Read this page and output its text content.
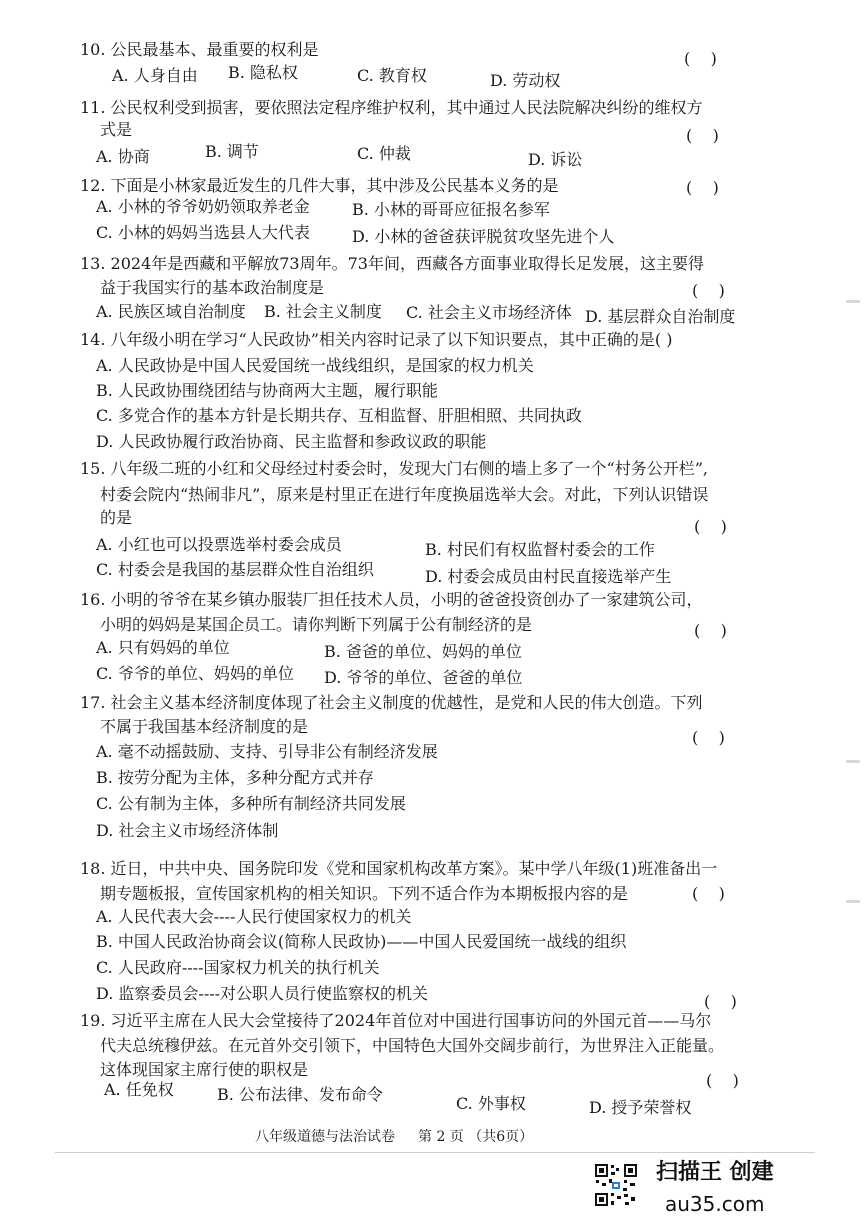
10. 公民最基本、最重要的权利是	(    )
A. 人身自由 B. 隐私权	C. 教育权	D. 劳动权
11. 公民权利受到损害，要依照法定程序维护权利，其中通过人民法院解决纠纷的维权方
式是	(    )
A. 协商	B. 调节	C. 仲裁	D. 诉讼
12. 下面是小林家最近发生的几件大事，其中涉及公民基本义务的是	(    )
A. 小林的爷爷奶奶领取养老金	B. 小林的哥哥应征报名参军
C. 小林的妈妈当选县人大代表	D. 小林的爸爸获评脱贫攻坚先进个人
13. 2024年是西藏和平解放73周年。73年间，西藏各方面事业取得长足发展，这主要得
益于我国实行的基本政治制度是	(    )
A. 民族区域自治制度 B. 社会主义制度 C. 社会主义市场经济体 D. 基层群众自治制度
14. 八年级小明在学习“人民政协”相关内容时记录了以下知识要点，其中正确的是( )
A. 人民政协是中国人民爱国统一战线组织，是国家的权力机关
B. 人民政协围绕团结与协商两大主题，履行职能
C. 多党合作的基本方针是长期共存、互相监督、肝胆相照、共同执政
D. 人民政协履行政治协商、民主监督和参政议政的职能
15. 八年级二班的小红和父母经过村委会时，发现大门右侧的墙上多了一个“村务公开栏”,
村委会院内“热闹非凡”，原来是村里正在进行年度换届选举大会。对此，下列认识错误
的是	(    )
A. 小红也可以投票选举村委会成员	B. 村民们有权监督村委会的工作
C. 村委会是我国的基层群众性自治组织	D. 村委会成员由村民直接选举产生
16. 小明的爷爷在某乡镇办服装厂担任技术人员，小明的爸爸投资创办了一家建筑公司，
小明的妈妈是某国企员工。请你判断下列属于公有制经济的是	(    )
A. 只有妈妈的单位	B. 爸爸的单位、妈妈的单位
C. 爷爷的单位、妈妈的单位 D. 爷爷的单位、爸爸的单位
17. 社会主义基本经济制度体现了社会主义制度的优越性，是党和人民的伟大创造。下列
不属于我国基本经济制度的是
(    )
A. 毫不动摇鼓励、支持、引导非公有制经济发展
B. 按劳分配为主体，多种分配方式并存
C. 公有制为主体，多种所有制经济共同发展
D. 社会主义市场经济体制
18. 近日，中共中央、国务院印发《党和国家机构改革方案》。某中学八年级(1)班准备出一
期专题板报，宣传国家机构的相关知识。下列不适合作为本期板报内容的是	(    )
A. 人民代表大会----人民行使国家权力的机关
B. 中国人民政治协商会议(简称人民政协)——中国人民爱国统一战线的组织
C. 人民政府----国家权力机关的执行机关
D. 监察委员会----对公职人员行使监察权的机关	(    )
19. 习近平主席在人民大会堂接待了2024年首位对中国进行国事访问的外国元首——马尔
代夫总统穆伊兹。在元首外交引领下，中国特色大国外交阔步前行，为世界注入正能量。
这体现国家主席行使的职权是
(    )
A. 任免权	B. 公布法律、发布命令	C. 外事权	D. 授予荣誉权
八年级道德与法治试卷 第 2 页 （共6页）
扫描王 创建
au35.com
